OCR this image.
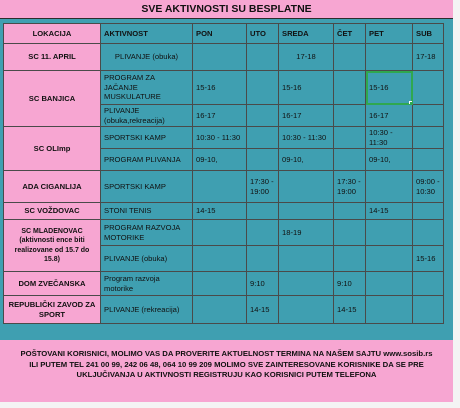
SVE AKTIVNOSTI SU BESPLATNE
LOKACIJA	AKTIVNOST	PON	UTO	SREDA	ČET	PET	SUB
SC 11. APRIL	PLIVANJE (obuka)			17-18			17-18
SC BANJICA	PROGRAM ZA JAČANJE MUSKULATURE	15-16		15-16		15-16

	PLIVANJE (obuka,rekreacija)	16-17		16-17		16-17	
SC OLImp	SPORTSKI KAMP	10:30 - 11:30		10:30 - 11:30		10:30 - 11:30	
	PROGRAM PLIVANJA	09-10,		09-10,		09-10,	
ADA CIGANLIJA	SPORTSKI KAMP		17:30 - 19:00		17:30 - 19:00		09:00 - 10:30
SC VOŽDOVAC	STONI TENIS	14-15				14-15	
SC MLADENOVAC (aktivnosti ence biti realizovane od 15.7 do 15.8)	PROGRAM RAZVOJA MOTORIKE			18-19			
	PLIVANJE (obuka)						15-16
DOM ZVEČANSKA	Program razvoja motorike		9:10		9:10		
REPUBLIČKI ZAVOD ZA SPORT	PLIVANJE (rekreacija)		14-15		14-15		
POŠTOVANI KORISNICI, MOLIMO VAS DA PROVERITE AKTUELNOST TERMINA NA NAŠEM SAJTU www.sosib.rs
ILI PUTEM TEL 241 00 99, 242 06 48, 064 10 99 209 MOLIMO SVE ZAINTERESOVANE KORISNIKE DA SE PRE
UKLJUČIVANJA U AKTIVNOSTI REGISTRUJU KAO KORISNICI PUTEM TELEFONA
